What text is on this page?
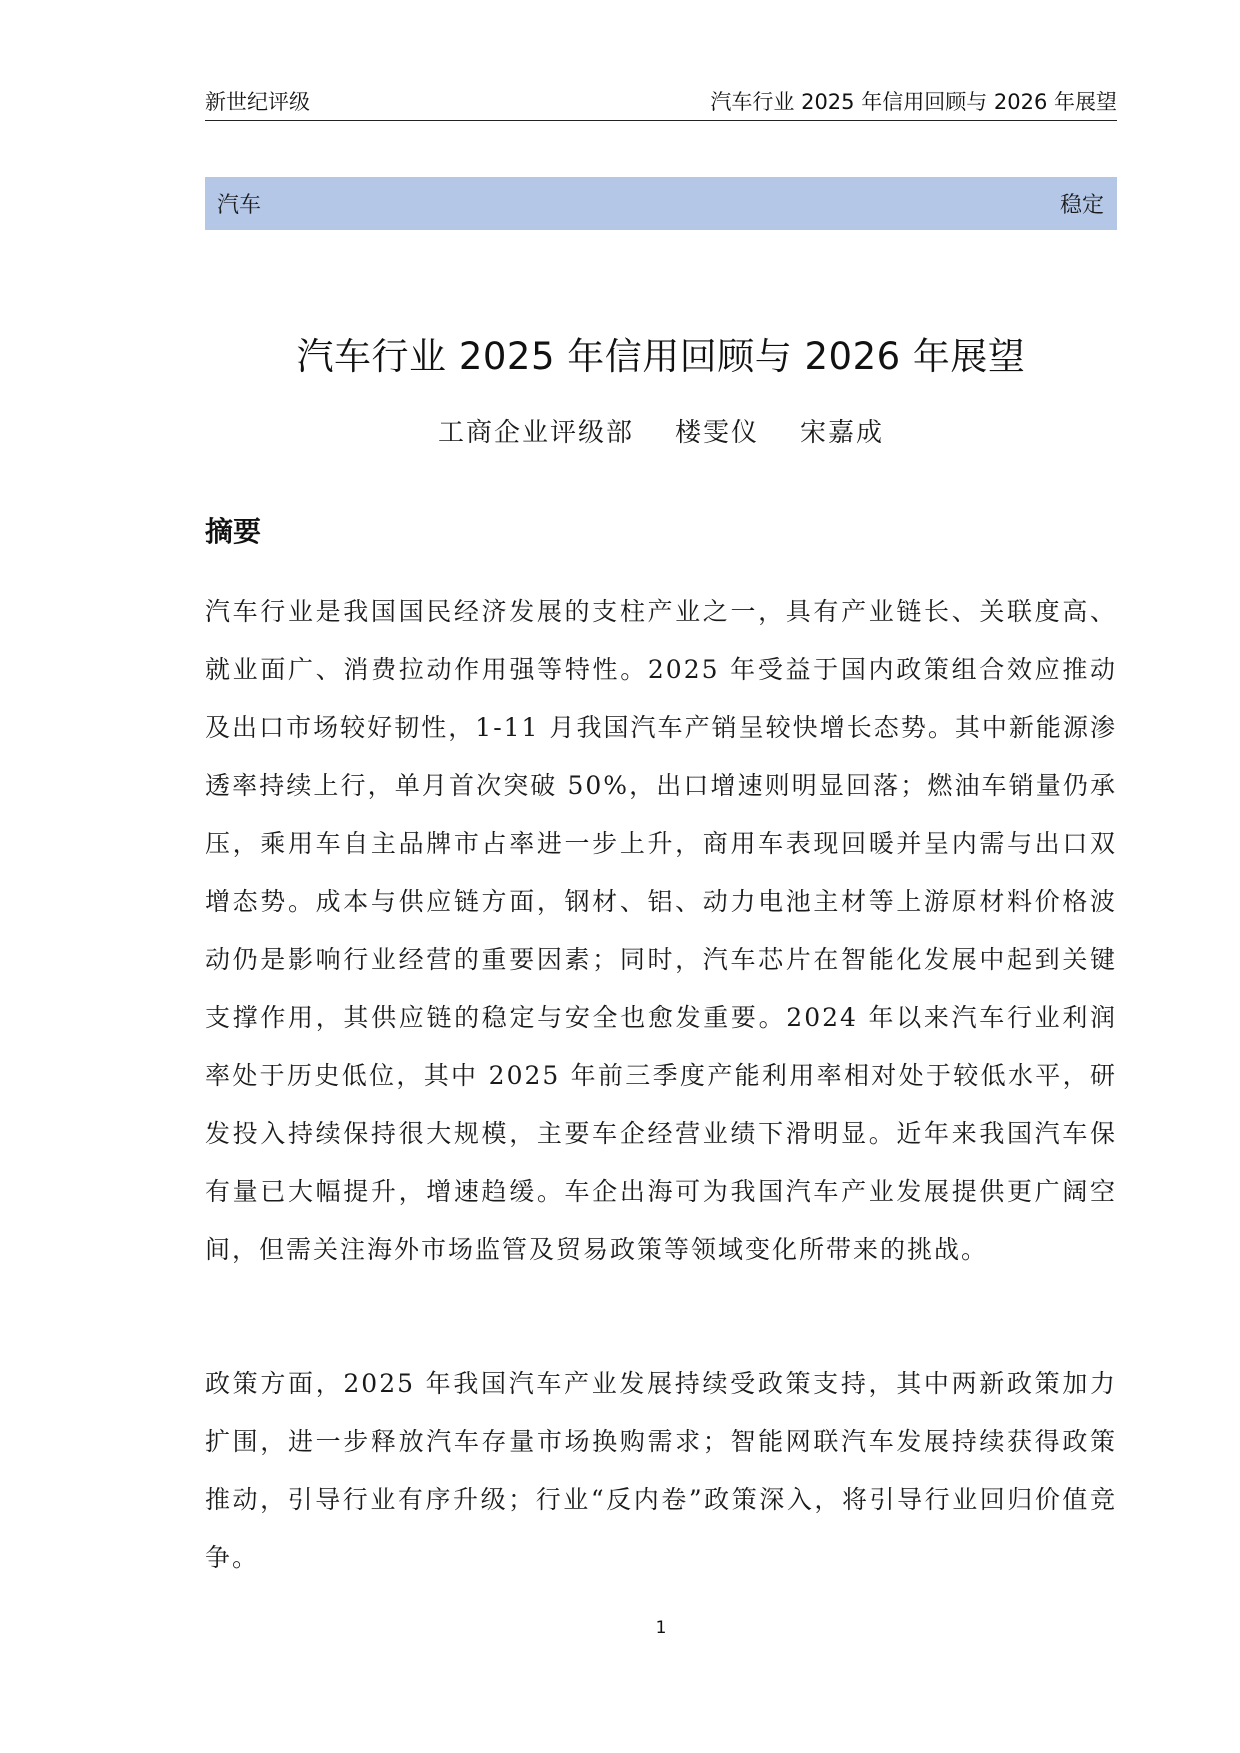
新世纪评级	汽车行业 2025 年信用回顾与 2026 年展望
汽车	稳定
汽车行业 2025 年信用回顾与 2026 年展望
工商企业评级部    楼雯仪    宋嘉成
摘要

汽车行业是我国国民经济发展的支柱产业之一，具有产业链长、关联度高、就业面广、消费拉动作用强等特性。2025 年受益于国内政策组合效应推动及出口市场较好韧性，1-11 月我国汽车产销呈较快增长态势。其中新能源渗透率持续上行，单月首次突破 50%，出口增速则明显回落；燃油车销量仍承压，乘用车自主品牌市占率进一步上升，商用车表现回暖并呈内需与出口双增态势。成本与供应链方面，钢材、铝、动力电池主材等上游原材料价格波动仍是影响行业经营的重要因素；同时，汽车芯片在智能化发展中起到关键支撑作用，其供应链的稳定与安全也愈发重要。2024 年以来汽车行业利润率处于历史低位，其中 2025 年前三季度产能利用率相对处于较低水平，研发投入持续保持很大规模，主要车企经营业绩下滑明显。近年来我国汽车保有量已大幅提升，增速趋缓。车企出海可为我国汽车产业发展提供更广阔空间，但需关注海外市场监管及贸易政策等领域变化所带来的挑战。

政策方面，2025 年我国汽车产业发展持续受政策支持，其中两新政策加力扩围，进一步释放汽车存量市场换购需求；智能网联汽车发展持续获得政策推动，引导行业有序升级；行业“反内卷”政策深入，将引导行业回归价值竞争。

1
